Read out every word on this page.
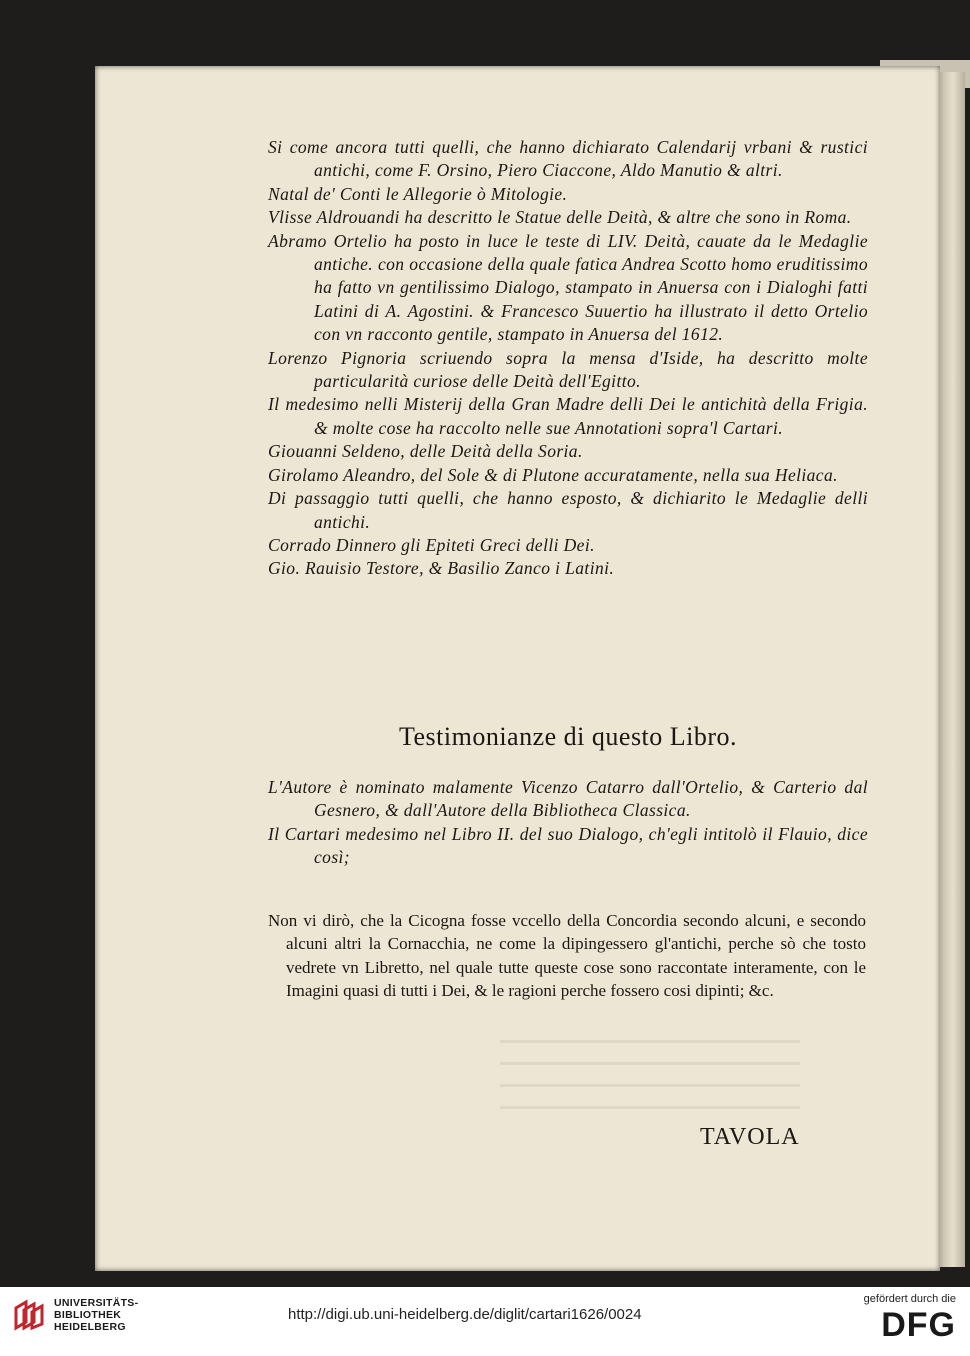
Si come ancora tutti quelli, che hanno dichiarato Calendarij vrbani & rustici antichi, come F. Orsino, Piero Ciaccone, Aldo Manutio & altri.

Natal de' Conti le Allegorie ò Mitologie.

Vlisse Aldrouandi ha descritto le Statue delle Deità, & altre che sono in Roma.

Abramo Ortelio ha posto in luce le teste di LIV. Deità, cauate da le Medaglie antiche. con occasione della quale fatica Andrea Scotto homo eruditissimo ha fatto vn gentilissimo Dialogo, stampato in Anuersa con i Dialoghi fatti Latini di A. Agostini. & Francesco Suuertio ha illustrato il detto Ortelio con vn racconto gentile, stampato in Anuersa del 1612.

Lorenzo Pignoria scriuendo sopra la mensa d'Iside, ha descritto molte particularità curiose delle Deità dell'Egitto.

Il medesimo nelli Misterij della Gran Madre delli Dei le antichità della Frigia. & molte cose ha raccolto nelle sue Annotationi sopra'l Cartari.

Giouanni Seldeno, delle Deità della Soria.

Girolamo Aleandro, del Sole & di Plutone accuratamente, nella sua Heliaca.

Di passaggio tutti quelli, che hanno esposto, & dichiarito le Medaglie delli antichi.

Corrado Dinnero gli Epiteti Greci delli Dei.

Gio. Rauisio Testore, & Basilio Zanco i Latini.

Testimonianze di questo Libro.

L'Autore è nominato malamente Vicenzo Catarro dall'Ortelio, & Carterio dal Gesnero, & dall'Autore della Bibliotheca Classica.

Il Cartari medesimo nel Libro II. del suo Dialogo, ch'egli intitolò il Flauio, dice così;

Non vi dirò, che la Cicogna fosse vccello della Concordia secondo alcuni, e secondo alcuni altri la Cornacchia, ne come la dipingessero gl'antichi, perche sò che tosto vedrete vn Libretto, nel quale tutte queste cose sono raccontate interamente, con le Imagini quasi di tutti i Dei, & le ragioni perche fossero cosi dipinti; &c.

TAVOLA
UNIVERSITÄTS-
BIBLIOTHEK
HEIDELBERG
http://digi.ub.uni-heidelberg.de/diglit/cartari1626/0024
gefördert durch die
DFG
